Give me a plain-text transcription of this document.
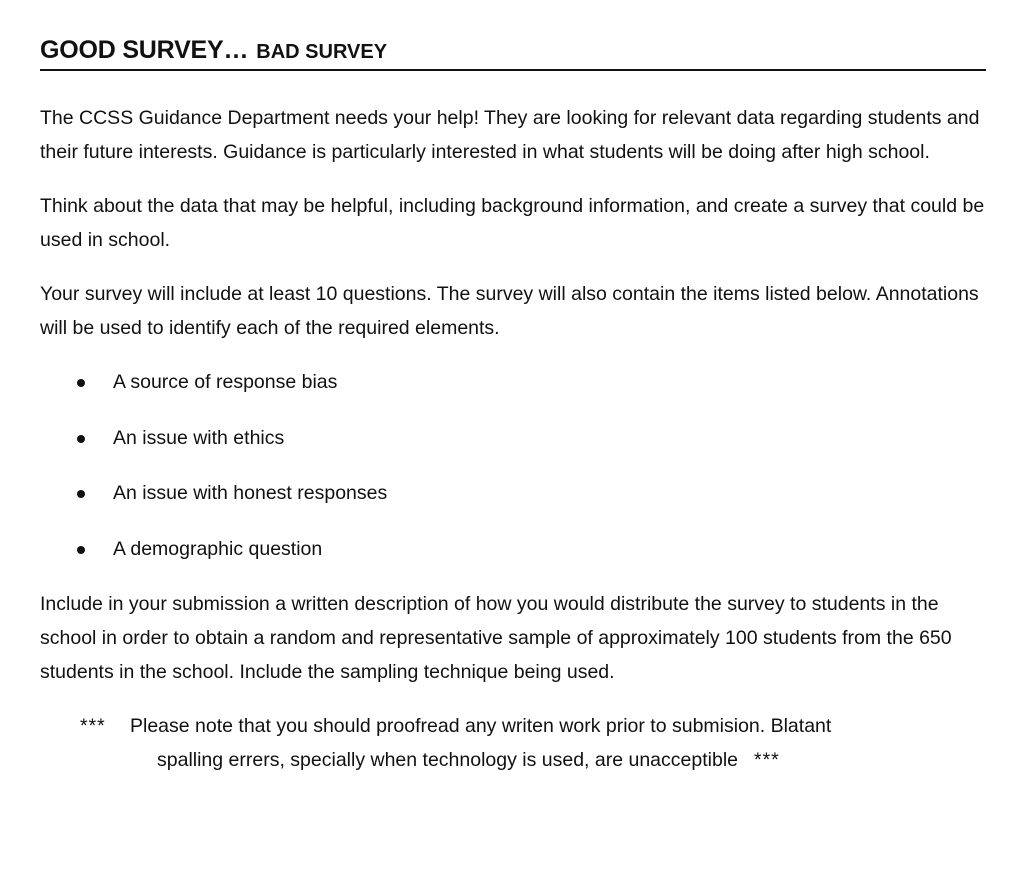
GOOD SURVEY… BAD SURVEY

The CCSS Guidance Department needs your help! They are looking for relevant data regarding students and their future interests. Guidance is particularly interested in what students will be doing after high school.

Think about the data that may be helpful, including background information, and create a survey that could be used in school.

Your survey will include at least 10 questions. The survey will also contain the items listed below. Annotations will be used to identify each of the required elements.

A source of response bias
An issue with ethics
An issue with honest responses
A demographic question

Include in your submission a written description of how you would distribute the survey to students in the school in order to obtain a random and representative sample of approximately 100 students from the 650 students in the school. Include the sampling technique being used.

*** Please note that you should proofread any writen work prior to submision. Blatant
spalling errers, specially when technology is used, are unacceptible ***
